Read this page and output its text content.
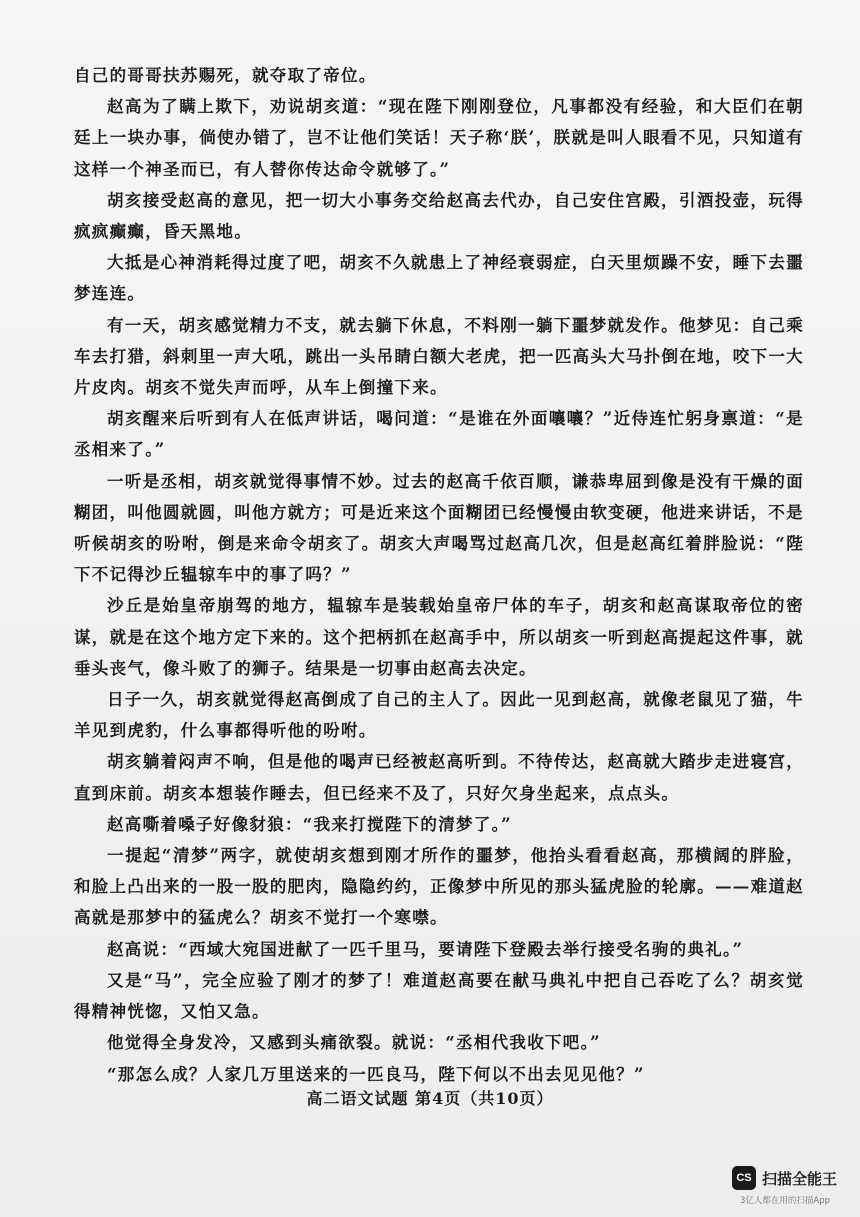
自己的哥哥扶苏赐死，就夺取了帝位。

赵高为了瞒上欺下，劝说胡亥道：“现在陛下刚刚登位，凡事都没有经验，和大臣们在朝廷上一块办事，倘使办错了，岂不让他们笑话！天子称‘朕’，朕就是叫人眼看不见，只知道有这样一个神圣而已，有人替你传达命令就够了。”

胡亥接受赵高的意见，把一切大小事务交给赵高去代办，自己安住宫殿，引酒投壶，玩得疯疯癫癫，昏天黑地。

大抵是心神消耗得过度了吧，胡亥不久就患上了神经衰弱症，白天里烦躁不安，睡下去噩梦连连。

有一天，胡亥感觉精力不支，就去躺下休息，不料刚一躺下噩梦就发作。他梦见：自己乘车去打猎，斜刺里一声大吼，跳出一头吊睛白额大老虎，把一匹高头大马扑倒在地，咬下一大片皮肉。胡亥不觉失声而呼，从车上倒撞下来。

胡亥醒来后听到有人在低声讲话，喝问道：“是谁在外面嚷嚷？”近侍连忙躬身禀道：“是丞相来了。”

一听是丞相，胡亥就觉得事情不妙。过去的赵高千依百顺，谦恭卑屈到像是没有干燥的面糊团，叫他圆就圆，叫他方就方；可是近来这个面糊团已经慢慢由软变硬，他进来讲话，不是听候胡亥的吩咐，倒是来命令胡亥了。胡亥大声喝骂过赵高几次，但是赵高红着胖脸说：“陛下不记得沙丘辒辌车中的事了吗？”

沙丘是始皇帝崩驾的地方，辒辌车是装载始皇帝尸体的车子，胡亥和赵高谋取帝位的密谋，就是在这个地方定下来的。这个把柄抓在赵高手中，所以胡亥一听到赵高提起这件事，就垂头丧气，像斗败了的狮子。结果是一切事由赵高去决定。

日子一久，胡亥就觉得赵高倒成了自己的主人了。因此一见到赵高，就像老鼠见了猫，牛羊见到虎豹，什么事都得听他的吩咐。

胡亥躺着闷声不响，但是他的喝声已经被赵高听到。不待传达，赵高就大踏步走进寝宫，直到床前。胡亥本想装作睡去，但已经来不及了，只好欠身坐起来，点点头。

赵高嘶着嗓子好像豺狼：“我来打搅陛下的清梦了。”

一提起“清梦”两字，就使胡亥想到刚才所作的噩梦，他抬头看看赵高，那横阔的胖脸，和脸上凸出来的一股一股的肥肉，隐隐约约，正像梦中所见的那头猛虎脸的轮廓。——难道赵高就是那梦中的猛虎么？胡亥不觉打一个寒噤。

赵高说：“西域大宛国进献了一匹千里马，要请陛下登殿去举行接受名驹的典礼。”

又是“马”，完全应验了刚才的梦了！难道赵高要在献马典礼中把自己吞吃了么？胡亥觉得精神恍惚，又怕又急。

他觉得全身发冷，又感到头痛欲裂。就说：“丞相代我收下吧。”

“那怎么成？人家几万里送来的一匹良马，陛下何以不出去见见他？”

高二语文试题 第4页（共10页）
CS 扫描全能王
3亿人都在用的扫描App
